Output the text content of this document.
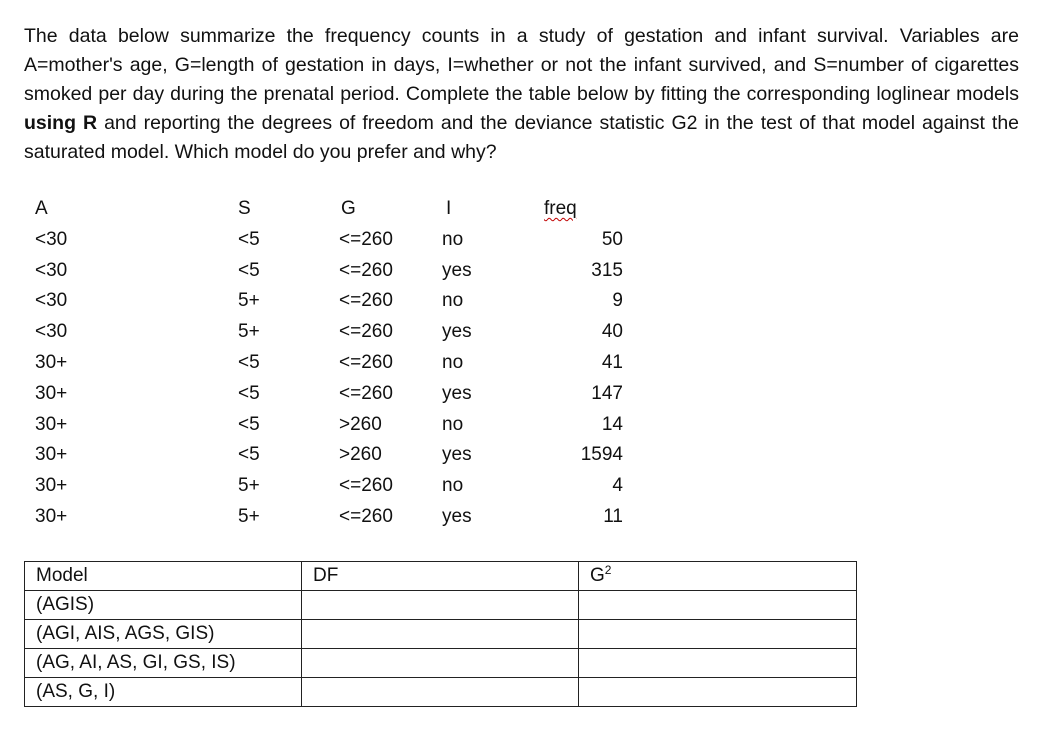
The data below summarize the frequency counts in a study of gestation and infant survival. Variables are A=mother's age, G=length of gestation in days, I=whether or not the infant survived, and S=number of cigarettes smoked per day during the prenatal period. Complete the table below by fitting the corresponding loglinear models using R and reporting the degrees of freedom and the deviance statistic G2 in the test of that model against the saturated model. Which model do you prefer and why?

A	S	G	I	freq
<30	<5	<=260	no	50
<30	<5	<=260	yes	315
<30	5+	<=260	no	9
<30	5+	<=260	yes	40
30+	<5	<=260	no	41
30+	<5	<=260	yes	147
30+	<5	>260	no	14
30+	<5	>260	yes	1594
30+	5+	<=260	no	4
30+	5+	<=260	yes	11
Model	DF	$G^2$
(AGIS)		
(AGI, AIS, AGS, GIS)		
(AG, AI, AS, GI, GS, IS)		
(AS, G, I)		
